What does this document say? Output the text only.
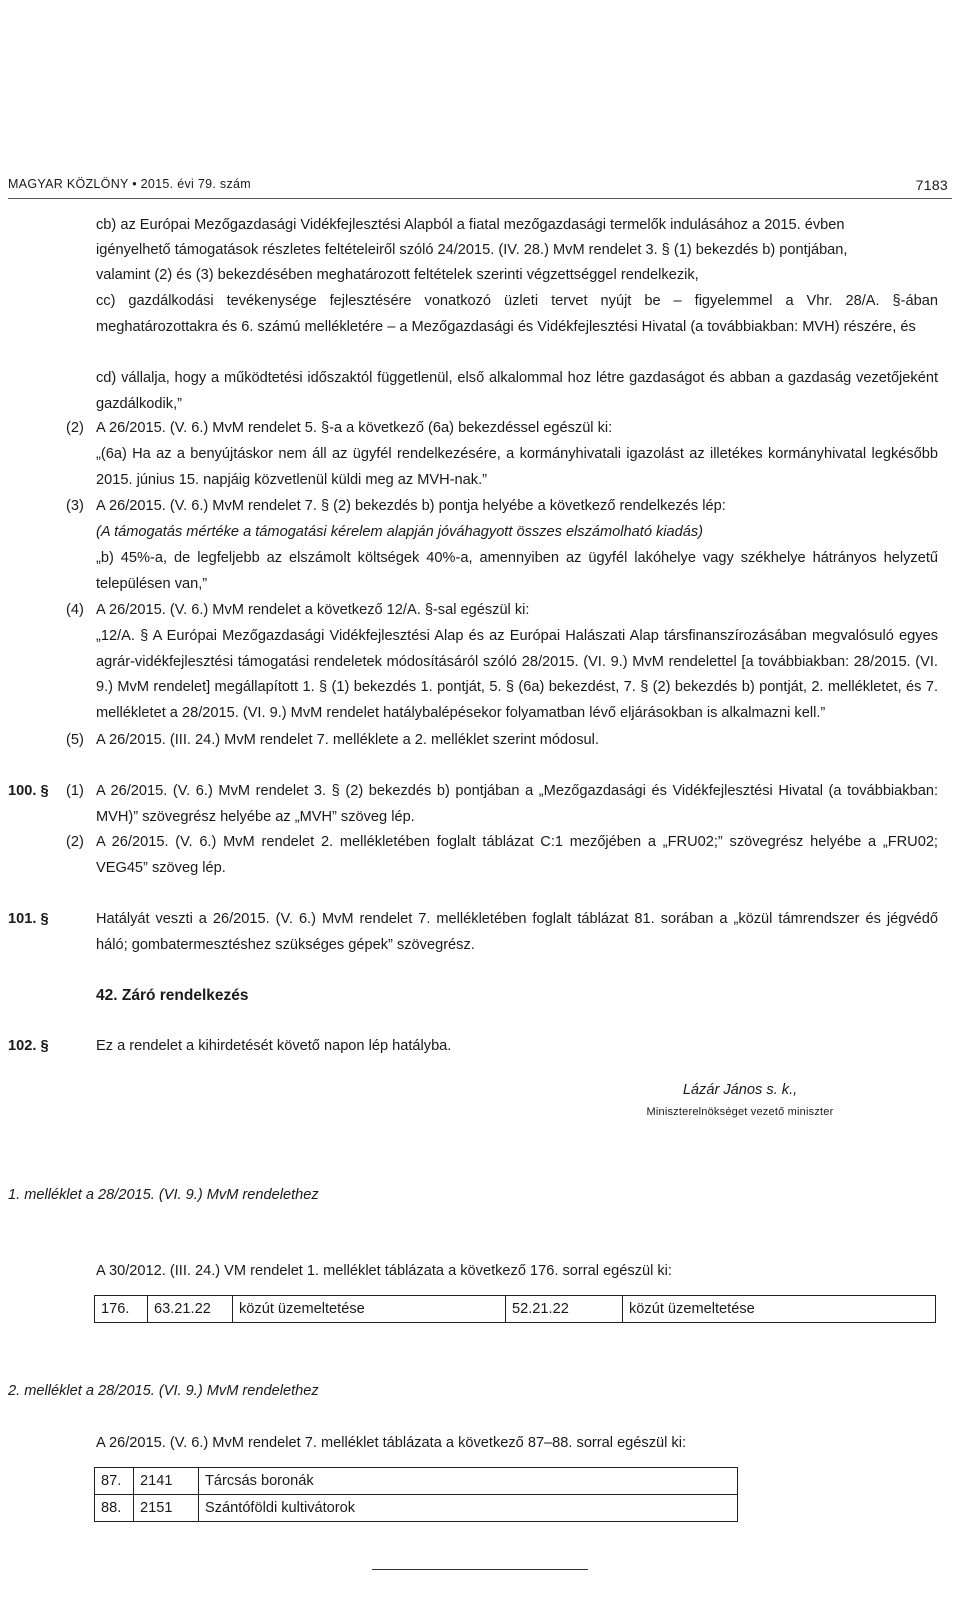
MAGYAR KÖZLÖNY • 2015. évi 79. szám	7183
cb) az Európai Mezőgazdasági Vidékfejlesztési Alapból a fiatal mezőgazdasági termelők indulásához a 2015. évben
igényelhető támogatások részletes feltételeiről szóló 24/2015. (IV. 28.) MvM rendelet 3. § (1) bekezdés b) pontjában,
valamint (2) és (3) bekezdésében meghatározott feltételek szerinti végzettséggel rendelkezik,
cc) gazdálkodási tevékenysége fejlesztésére vonatkozó üzleti tervet nyújt be – figyelemmel a Vhr. 28/A. §-ában meghatározottakra és 6. számú mellékletére – a Mezőgazdasági és Vidékfejlesztési Hivatal (a továbbiakban: MVH) részére, és
cd) vállalja, hogy a működtetési időszaktól függetlenül, első alkalommal hoz létre gazdaságot és abban a gazdaság vezetőjeként gazdálkodik,”
(2) A 26/2015. (V. 6.) MvM rendelet 5. §-a a következő (6a) bekezdéssel egészül ki:
„(6a) Ha az a benyújtáskor nem áll az ügyfél rendelkezésére, a kormányhivatali igazolást az illetékes kormányhivatal legkésőbb 2015. június 15. napjáig közvetlenül küldi meg az MVH-nak.”
(3) A 26/2015. (V. 6.) MvM rendelet 7. § (2) bekezdés b) pontja helyébe a következő rendelkezés lép:
(A támogatás mértéke a támogatási kérelem alapján jóváhagyott összes elszámolható kiadás)
„b) 45%-a, de legfeljebb az elszámolt költségek 40%-a, amennyiben az ügyfél lakóhelye vagy székhelye hátrányos helyzetű településen van,”
(4) A 26/2015. (V. 6.) MvM rendelet a következő 12/A. §-sal egészül ki:
„12/A. § A Európai Mezőgazdasági Vidékfejlesztési Alap és az Európai Halászati Alap társfinanszírozásában megvalósuló egyes agrár-vidékfejlesztési támogatási rendeletek módosításáról szóló 28/2015. (VI. 9.) MvM rendelettel [a továbbiakban: 28/2015. (VI. 9.) MvM rendelet] megállapított 1. § (1) bekezdés 1. pontját, 5. § (6a) bekezdést, 7. § (2) bekezdés b) pontját, 2. mellékletet, és 7. mellékletet a 28/2015. (VI. 9.) MvM rendelet hatálybalépésekor folyamatban lévő eljárásokban is alkalmazni kell.”
(5) A 26/2015. (III. 24.) MvM rendelet 7. melléklete a 2. melléklet szerint módosul.
100. § (1) A 26/2015. (V. 6.) MvM rendelet 3. § (2) bekezdés b) pontjában a „Mezőgazdasági és Vidékfejlesztési Hivatal (a továbbiakban: MVH)” szövegrész helyébe az „MVH” szöveg lép.
(2) A 26/2015. (V. 6.) MvM rendelet 2. mellékletében foglalt táblázat C:1 mezőjében a „FRU02;” szövegrész helyébe a „FRU02; VEG45” szöveg lép.
101. §	Hatályát veszti a 26/2015. (V. 6.) MvM rendelet 7. mellékletében foglalt táblázat 81. sorában a „közül támrendszer és jégvédő háló; gombatermesztéshez szükséges gépek” szövegrész.
42. Záró rendelkezés
102. §	Ez a rendelet a kihirdetését követő napon lép hatályba.
Lázár János s. k.,
Miniszterelnökséget vezető miniszter
1. melléklet a 28/2015. (VI. 9.) MvM rendelethez
A 30/2012. (III. 24.) VM rendelet 1. melléklet táblázata a következő 176. sorral egészül ki:
176.	63.21.22	közút üzemeltetése	52.21.22	közút üzemeltetése
2. melléklet a 28/2015. (VI. 9.) MvM rendelethez
A 26/2015. (V. 6.) MvM rendelet 7. melléklet táblázata a következő 87–88. sorral egészül ki:
87.	2141	Tárcsás boronák
88.	2151	Szántóföldi kultivátorok
